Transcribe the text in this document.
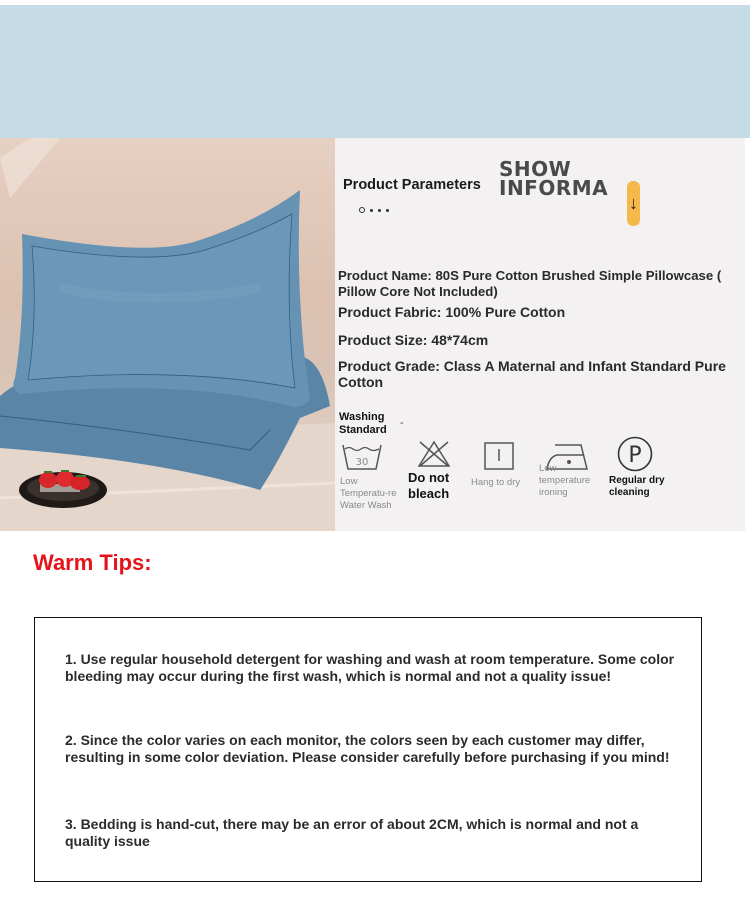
Product Parameters
SHOW
INFORMA
↓
Product Name: 80S Pure Cotton Brushed Simple Pillowcase ( Pillow Core Not Included)
Product Fabric: 100% Pure Cotton
Product Size: 48*74cm
Product Grade: Class A Maternal and Infant Standard Pure Cotton
Washing Standard
-
30
Low Temperatu-re Water Wash
Do not bleach
Hang to dry
Low temperature ironing
P
Regular dry cleaning
Warm Tips:
1. Use regular household detergent for washing and wash at room temperature. Some color bleeding may occur during the first wash, which is normal and not a quality issue!
2. Since the color varies on each monitor, the colors seen by each customer may differ, resulting in some color deviation. Please consider carefully before purchasing if you mind!
3. Bedding is hand-cut, there may be an error of about 2CM, which is normal and not a quality issue
